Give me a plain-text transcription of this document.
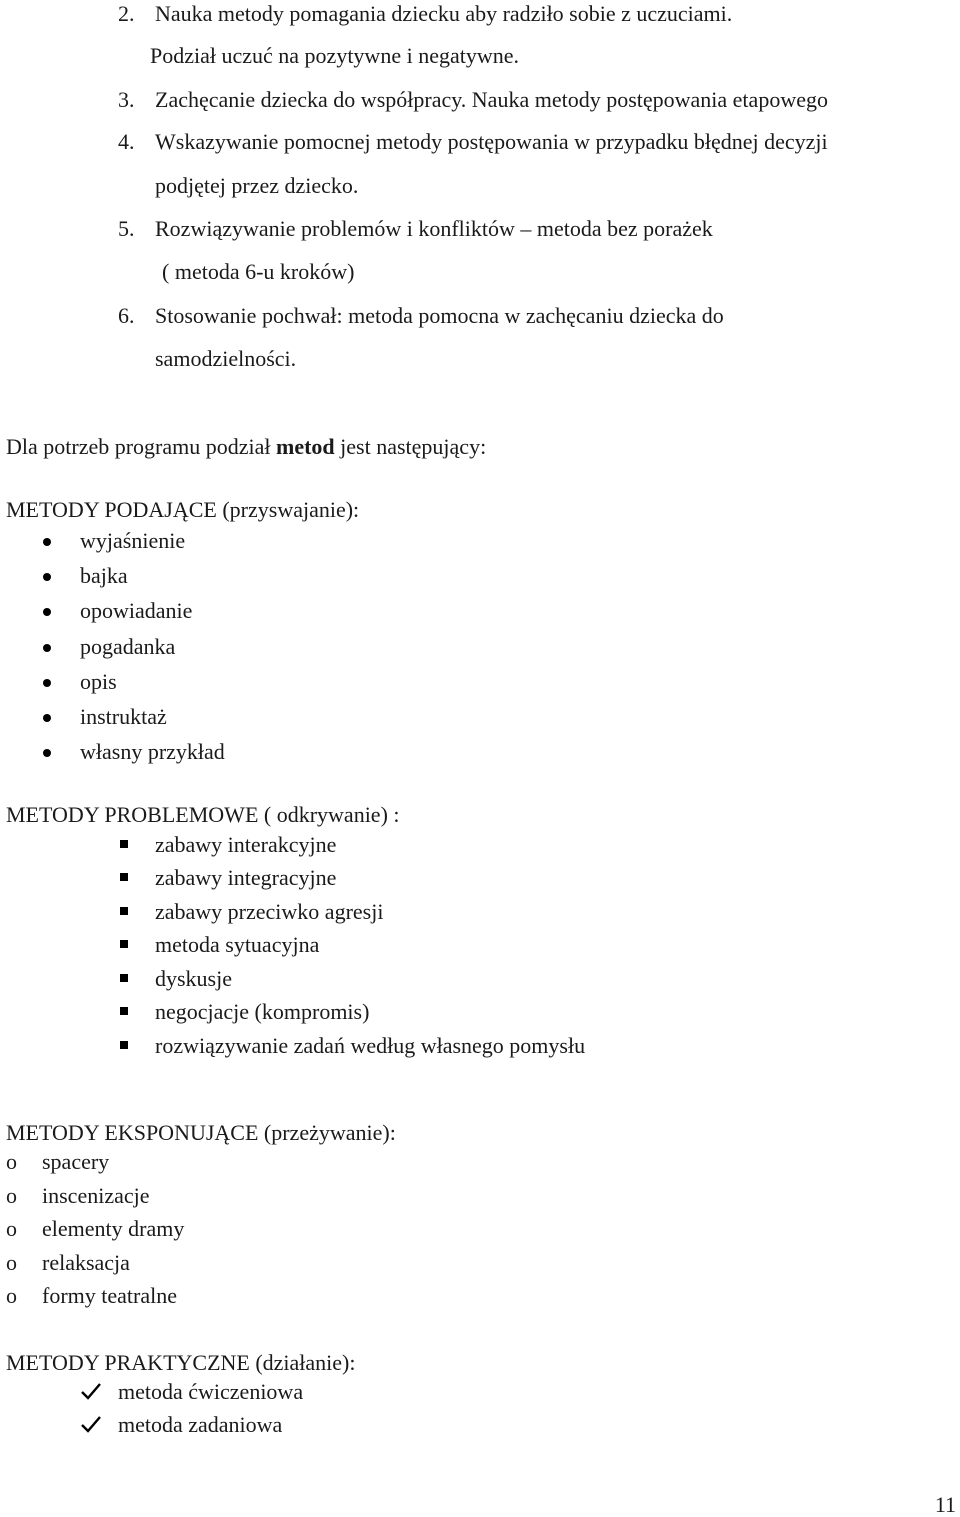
2. Nauka metody pomagania dziecku aby radziło sobie z uczuciami.
Podział uczuć na pozytywne i negatywne.
3. Zachęcanie dziecka do współpracy. Nauka metody postępowania etapowego
4. Wskazywanie pomocnej metody postępowania w przypadku błędnej decyzji
podjętej przez dziecko.
5. Rozwiązywanie problemów i konfliktów – metoda bez porażek
( metoda 6-u kroków)
6. Stosowanie pochwał: metoda pomocna w zachęcaniu dziecka do
samodzielności.
Dla potrzeb programu podział metod jest następujący:
METODY PODAJĄCE (przyswajanie):
wyjaśnienie
bajka
opowiadanie
pogadanka
opis
instruktaż
własny przykład
METODY PROBLEMOWE ( odkrywanie) :
zabawy interakcyjne
zabawy integracyjne
zabawy przeciwko agresji
metoda sytuacyjna
dyskusje
negocjacje (kompromis)
rozwiązywanie zadań według własnego pomysłu
METODY EKSPONUJĄCE (przeżywanie):
o spacery
o inscenizacje
o elementy dramy
o relaksacja
o formy teatralne
METODY PRAKTYCZNE (działanie):
metoda ćwiczeniowa
metoda zadaniowa
11
